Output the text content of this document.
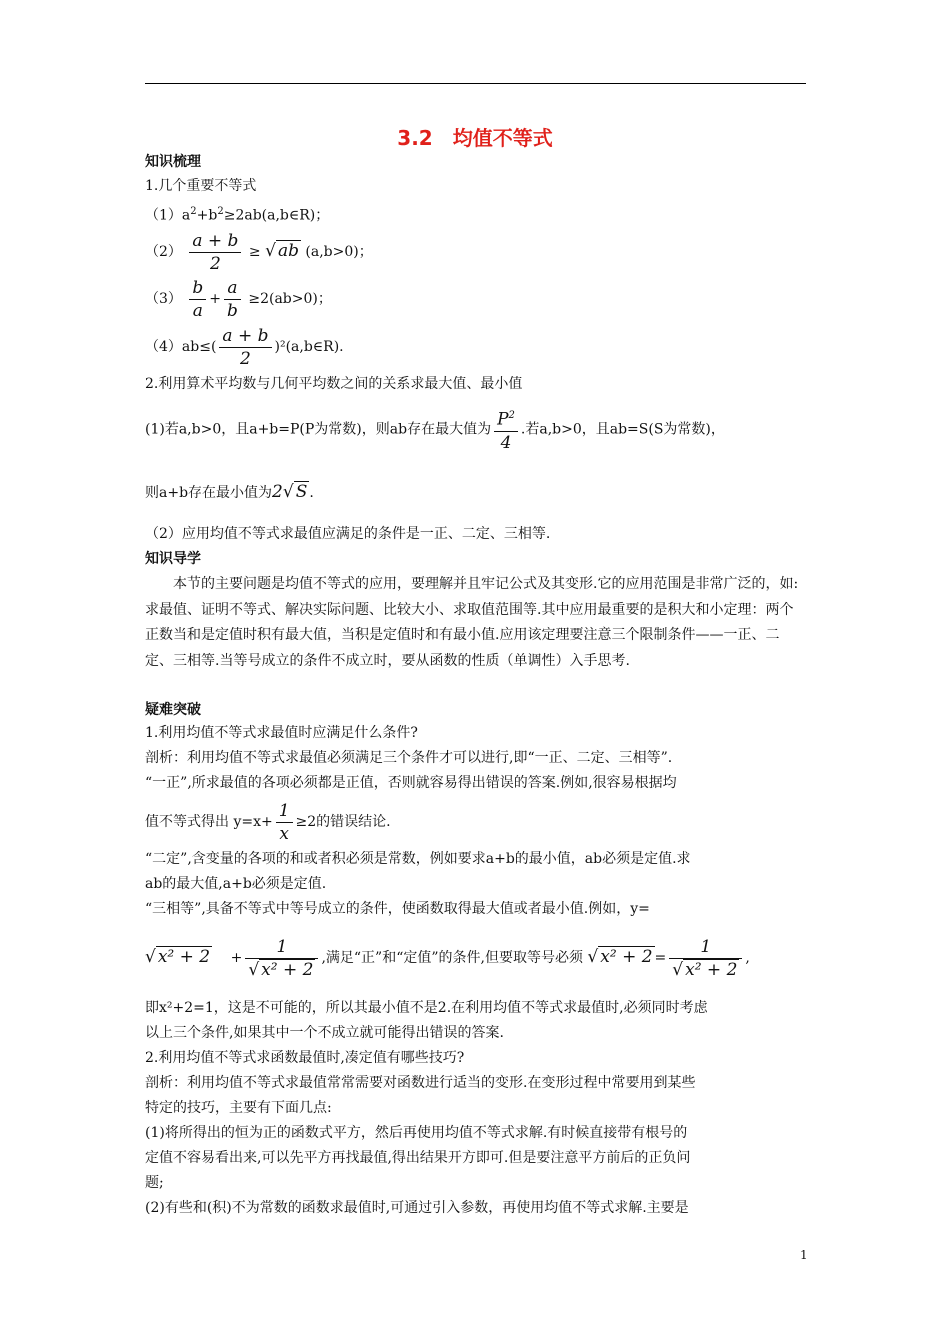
3.2　均值不等式
知识梳理
1.几个重要不等式
$(1)a^2+b^2\ge 2ab(a,b\in R)$；
$(2) \frac{a + b}{2}$ ≥ √ ab (a,b>0)；
$(3) \frac{b}{a} + \frac{a}{b} \ge 2(ab>0)$；
$(4)ab\le( \frac{a + b}{2}$ )²(a,b∈R).
2.利用算术平均数与几何平均数之间的关系求最大值、最小值
(1)若a,b>0，且a+b=P(P为常数)，则ab存在最大值为 $\frac{P^2}{4}$ .若a,b>0，且ab=S(S为常数)，
则a+b存在最小值为2√ S .
（2）应用均值不等式求最值应满足的条件是一正、二定、三相等.
知识导学
本节的主要问题是均值不等式的应用，要理解并且牢记公式及其变形.它的应用范围是非常广泛的，如:求最值、证明不等式、解决实际问题、比较大小、求取值范围等.其中应用最重要的是积大和小定理：两个正数当和是定值时积有最大值，当积是定值时和有最小值.应用该定理要注意三个限制条件——一正、二定、三相等.当等号成立的条件不成立时，要从函数的性质（单调性）入手思考.
疑难突破
1.利用均值不等式求最值时应满足什么条件?
剖析：利用均值不等式求最值必须满足三个条件才可以进行,即“一正、二定、三相等”.
“一正”,所求最值的各项必须都是正值，否则就容易得出错误的答案.例如,很容易根据均
值不等式得出 $y=x+ \frac{1}{x} \ge 2$的错误结论.
“二定”,含变量的各项的和或者积必须是常数，例如要求a+b的最小值，ab必须是定值.求
ab的最大值,a+b必须是定值.
“三相等”,具备不等式中等号成立的条件，使函数取得最大值或者最小值.例如，y=
√ $x^2 + 2 + \frac{1}{\text{√ x² + 2}}$ ,满足“正”和“定值”的条件,但要取等号必须 √ $x^2 + 2 = \frac{1}{\text{√ x² + 2}}$ ,
即x²+2=1，这是不可能的，所以其最小值不是2.在利用均值不等式求最值时,必须同时考虑
以上三个条件,如果其中一个不成立就可能得出错误的答案.
2.利用均值不等式求函数最值时,凑定值有哪些技巧?
剖析：利用均值不等式求最值常常需要对函数进行适当的变形.在变形过程中常要用到某些
特定的技巧，主要有下面几点:
(1)将所得出的恒为正的函数式平方，然后再使用均值不等式求解.有时候直接带有根号的
定值不容易看出来,可以先平方再找最值,得出结果开方即可.但是要注意平方前后的正负问
题;
(2)有些和(积)不为常数的函数求最值时,可通过引入参数，再使用均值不等式求解.主要是
1
